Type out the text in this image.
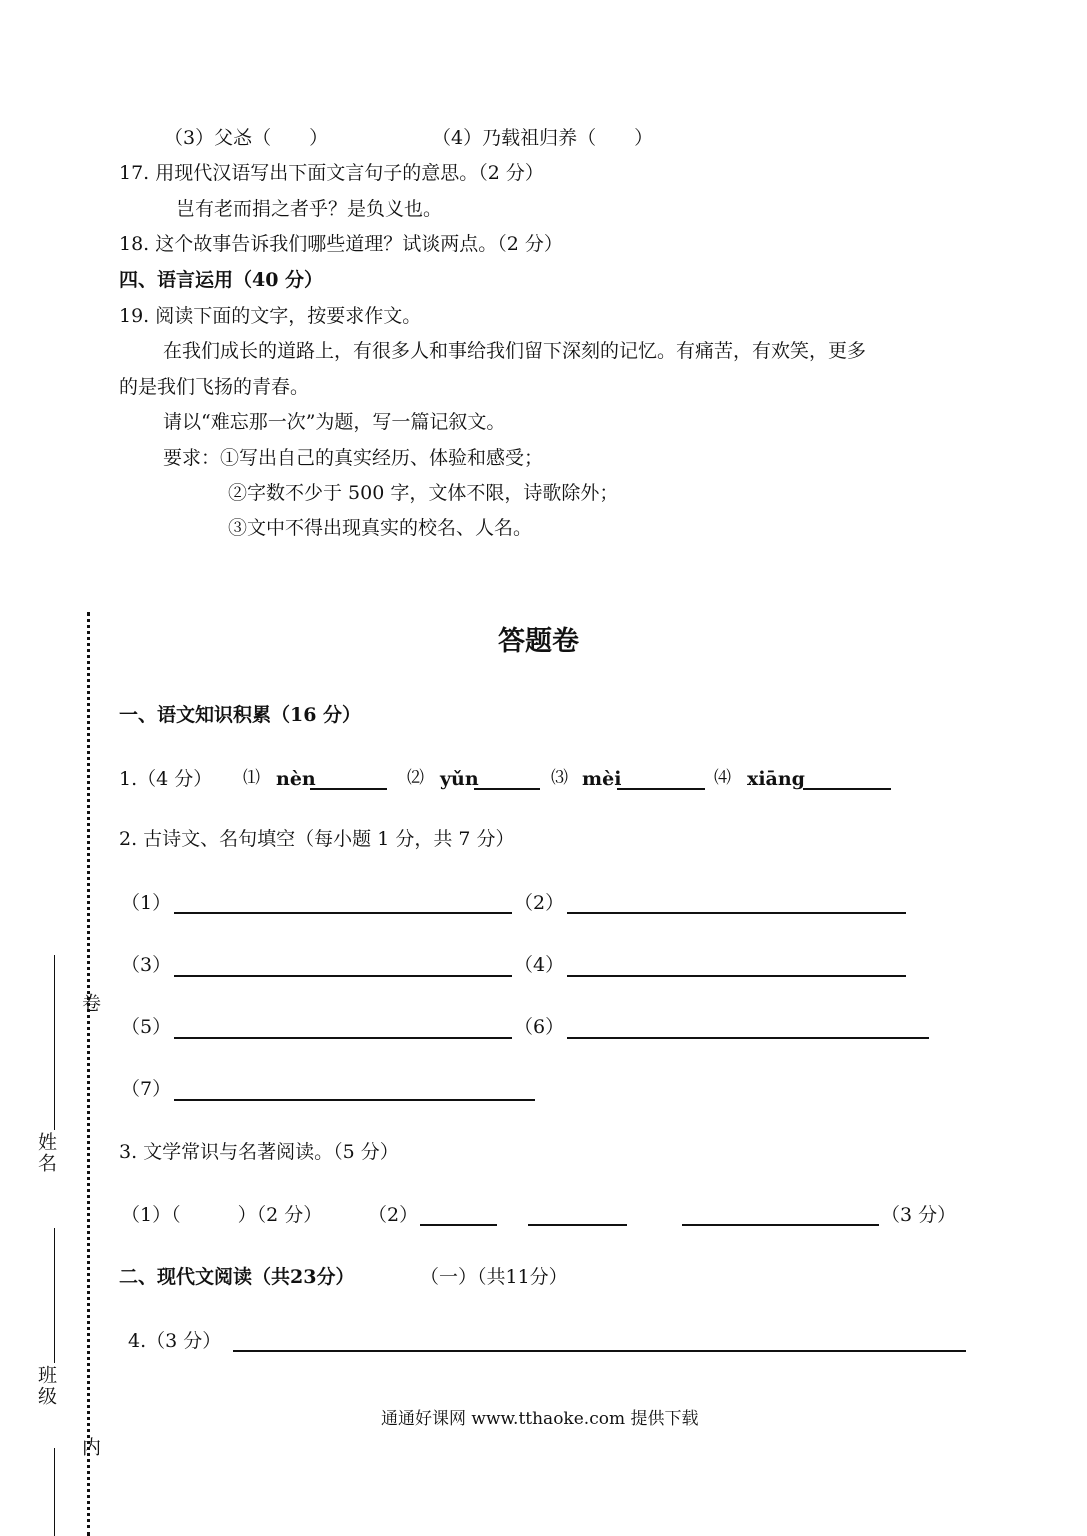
（3）父㣻（　　）	（4）乃载祖归养（　　）
17. 用现代汉语写出下面文言句子的意思。（2 分）
岂有老而捐之者乎？是负义也。
18. 这个故事告诉我们哪些道理？试谈两点。（2 分）
四、语言运用（40 分）
19. 阅读下面的文字，按要求作文。
在我们成长的道路上，有很多人和事给我们留下深刻的记忆。有痛苦，有欢笑，更多
的是我们飞扬的青春。
请以“难忘那一次”为题，写一篇记叙文。
要求：①写出自己的真实经历、体验和感受；
②字数不少于 500 字，文体不限，诗歌除外；
③文中不得出现真实的校名、人名。
卷
姓名
班级
内
答题卷
一、语文知识积累（16 分）
1.（4 分） ⑴ nèn	⑵ yǔn	⑶ mèi	⑷ xiāng
2. 古诗文、名句填空（每小题 1 分，共 7 分）
（1）	（2）
（3）	（4）
（5）	（6）
（7）
3. 文学常识与名著阅读。（5 分）
（1）（　　　）（2 分） （2）	（3 分）
二、现代文阅读（共23分）	（一）（共11分）
4.（3 分）
通通好课网 www.tthaoke.com 提供下载
